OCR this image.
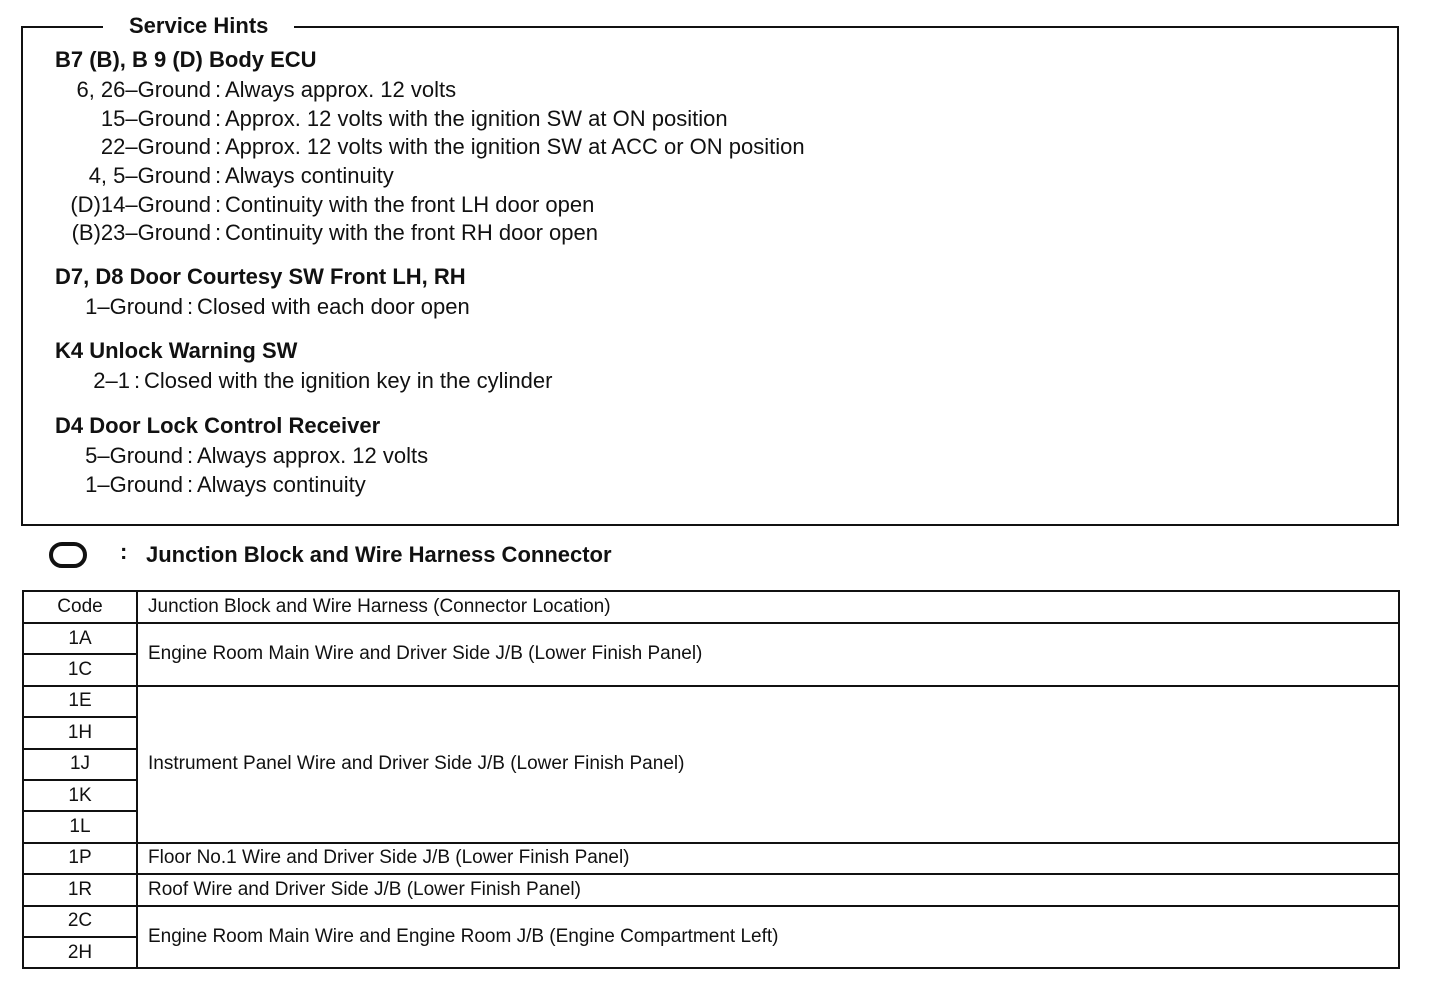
Service Hints
B7 (B), B 9 (D) Body ECU
6, 26–Ground : Always approx. 12 volts
15–Ground : Approx. 12 volts with the ignition SW at ON position
22–Ground : Approx. 12 volts with the ignition SW at ACC or ON position
4, 5–Ground : Always continuity
(D)14–Ground : Continuity with the front LH door open
(B)23–Ground : Continuity with the front RH door open
D7, D8 Door Courtesy SW Front LH, RH
1–Ground : Closed with each door open
K4 Unlock Warning SW
2–1 : Closed with the ignition key in the cylinder
D4 Door Lock Control Receiver
5–Ground : Always approx. 12 volts
1–Ground : Always continuity
: Junction Block and Wire Harness Connector
Code	Junction Block and Wire Harness (Connector Location)
1A	Engine Room Main Wire and Driver Side J/B (Lower Finish Panel)
1C	
1E	Instrument Panel Wire and Driver Side J/B (Lower Finish Panel)
1H	
1J	
1K	
1L	
1P	Floor No.1 Wire and Driver Side J/B (Lower Finish Panel)
1R	Roof Wire and Driver Side J/B (Lower Finish Panel)
2C	Engine Room Main Wire and Engine Room J/B (Engine Compartment Left)
2H	
